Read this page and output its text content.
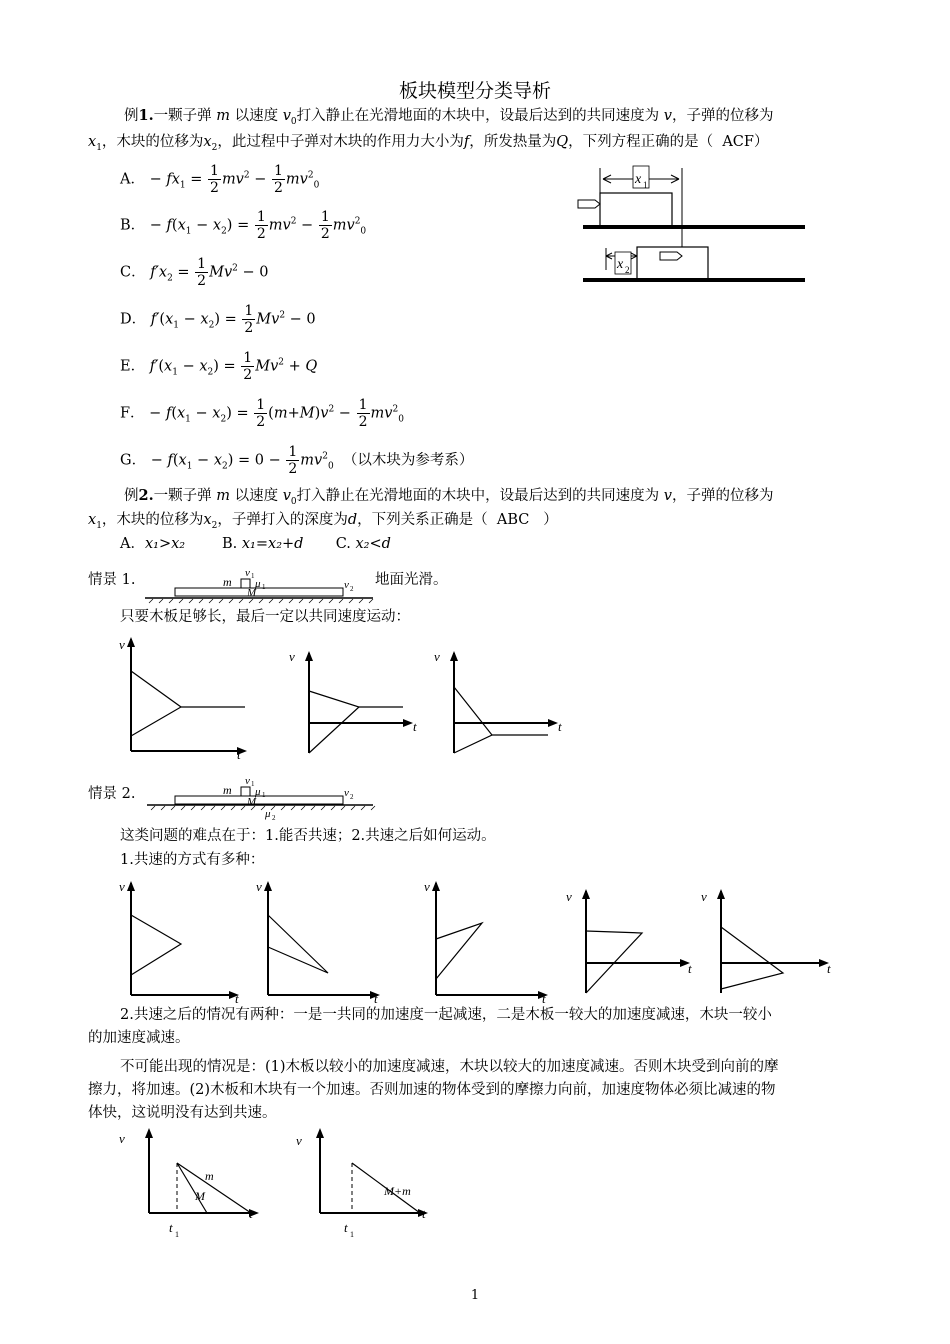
板块模型分类导析
例1.一颗子弹 m 以速度 $v_0$打入静止在光滑地面的木块中，设最后达到的共同速度为 v，子弹的位移为
$x_1$，木块的位移为$x_2$，此过程中子弹对木块的作用力大小为f，所发热量为Q，下列方程正确的是（ ACF）
A． − $fx_1 = \frac{1}{2} mv^2 - \frac{1}{2} mv^2_0$
B． − $f(x_1 - x_2) = \frac{1}{2} mv^2 - \frac{1}{2} mv^2_0$
C． $f'x_2 = \frac{1}{2} Mv^2 - 0$
D． $f'(x_1 - x_2) = \frac{1}{2} Mv^2 - 0$
E． $f'(x_1 - x_2) = \frac{1}{2} Mv^2 + Q$
F． − $f(x_1 - x_2) = \frac{1}{2} (m+M)v^2 - \frac{1}{2} mv^2_0$
G． − $f(x_1 - x_2) = 0 - \frac{1}{2} mv^2_0$ （以木块为参考系）
x 1
x 2
例2.一颗子弹 m 以速度 $v_0$打入静止在光滑地面的木块中，设最后达到的共同速度为 v，子弹的位移为
$x_1$，木块的位移为$x_2$，子弹打入的深度为d，下列关系正确是（ ABC ）
A．x₁>x₂	B. x₁=x₂+d C. x₂<d
情景 1.	m
v 1
μ 1
M
v 2
地面光滑。
只要木板足够长，最后一定以共同速度运动：
v
t
v
t
v
t
情景 2.	m
v 1
μ 1
M
μ 2
v 2
这类问题的难点在于：1.能否共速；2.共速之后如何运动。
1.共速的方式有多种：
v
t
v
t
v
t
v
t
v
t
2.共速之后的情况有两种：一是一共同的加速度一起减速，二是木板一较大的加速度减速，木块一较小
的加速度减速。
不可能出现的情况是：(1)木板以较小的加速度减速，木块以较大的加速度减速。否则木块受到向前的摩
擦力，将加速。(2)木板和木块有一个加速。否则加速的物体受到的摩擦力向前，加速度物体必须比减速的物
体快，这说明没有达到共速。
v
t
m
M
t 1
v
t
M+m
t 1
1
